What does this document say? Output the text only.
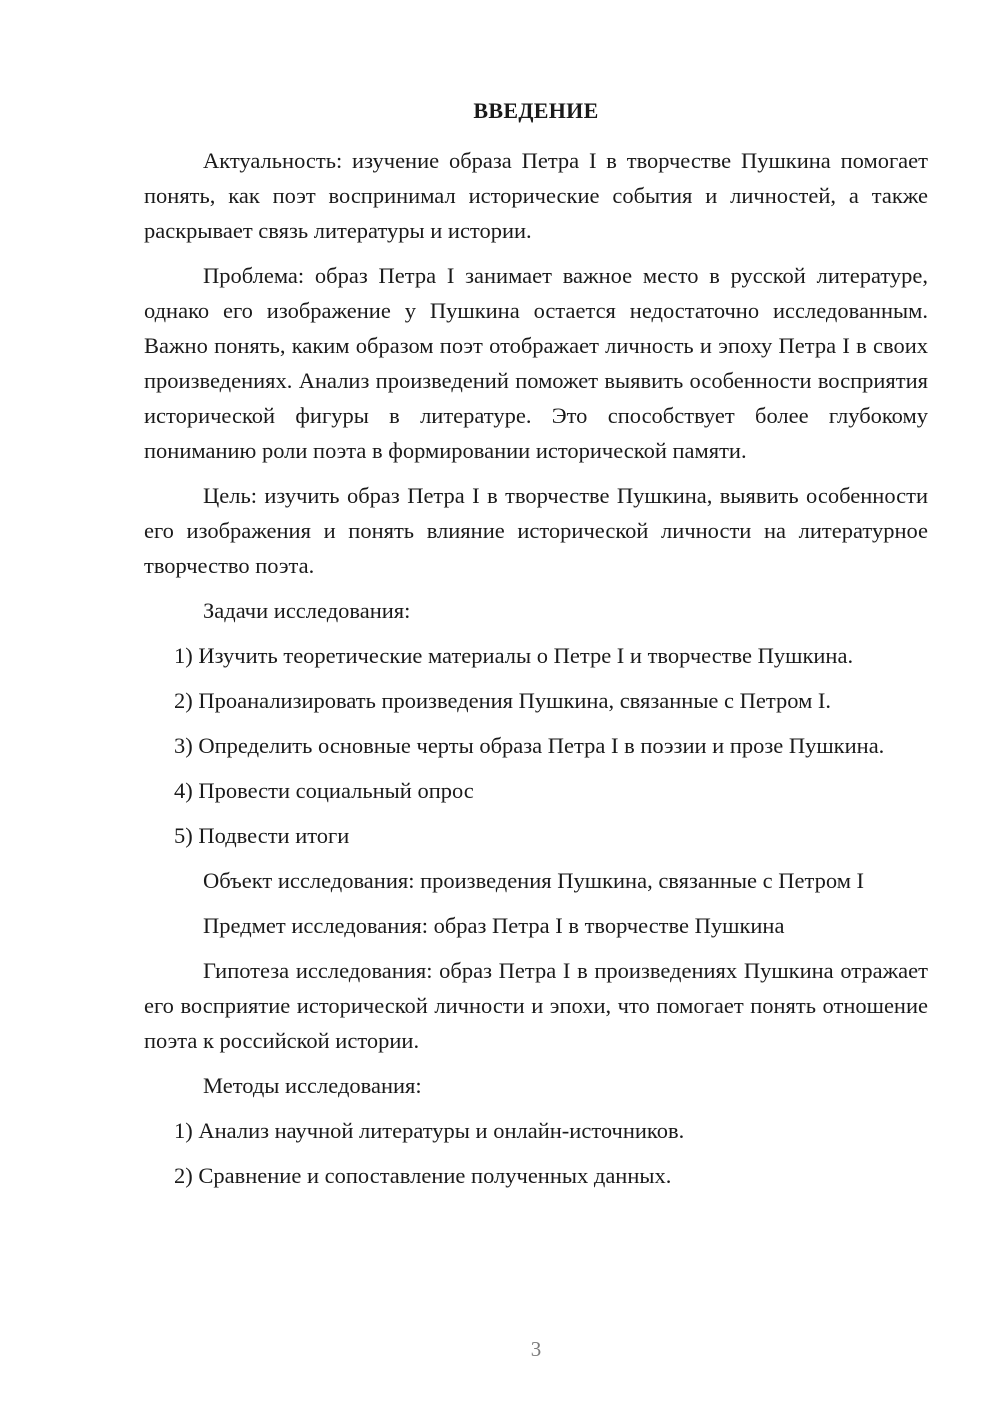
ВВЕДЕНИЕ

Актуальность: изучение образа Петра I в творчестве Пушкина помогает понять, как поэт воспринимал исторические события и личностей, а также раскрывает связь литературы и истории.

Проблема: образ Петра I занимает важное место в русской литературе, однако его изображение у Пушкина остается недостаточно исследованным. Важно понять, каким образом поэт отображает личность и эпоху Петра I в своих произведениях. Анализ произведений поможет выявить особенности восприятия исторической фигуры в литературе. Это способствует более глубокому пониманию роли поэта в формировании исторической памяти.

Цель: изучить образ Петра I в творчестве Пушкина, выявить особенности его изображения и понять влияние исторической личности на литературное творчество поэта.

Задачи исследования:

1) Изучить теоретические материалы о Петре I и творчестве Пушкина.

2) Проанализировать произведения Пушкина, связанные с Петром I.

3) Определить основные черты образа Петра I в поэзии и прозе Пушкина.

4) Провести социальный опрос

5) Подвести итоги

Объект исследования: произведения Пушкина, связанные с Петром I

Предмет исследования: образ Петра I в творчестве Пушкина

Гипотеза исследования: образ Петра I в произведениях Пушкина отражает его восприятие исторической личности и эпохи, что помогает понять отношение поэта к российской истории.

Методы исследования:

1) Анализ научной литературы и онлайн-источников.

2) Сравнение и сопоставление полученных данных.

3
